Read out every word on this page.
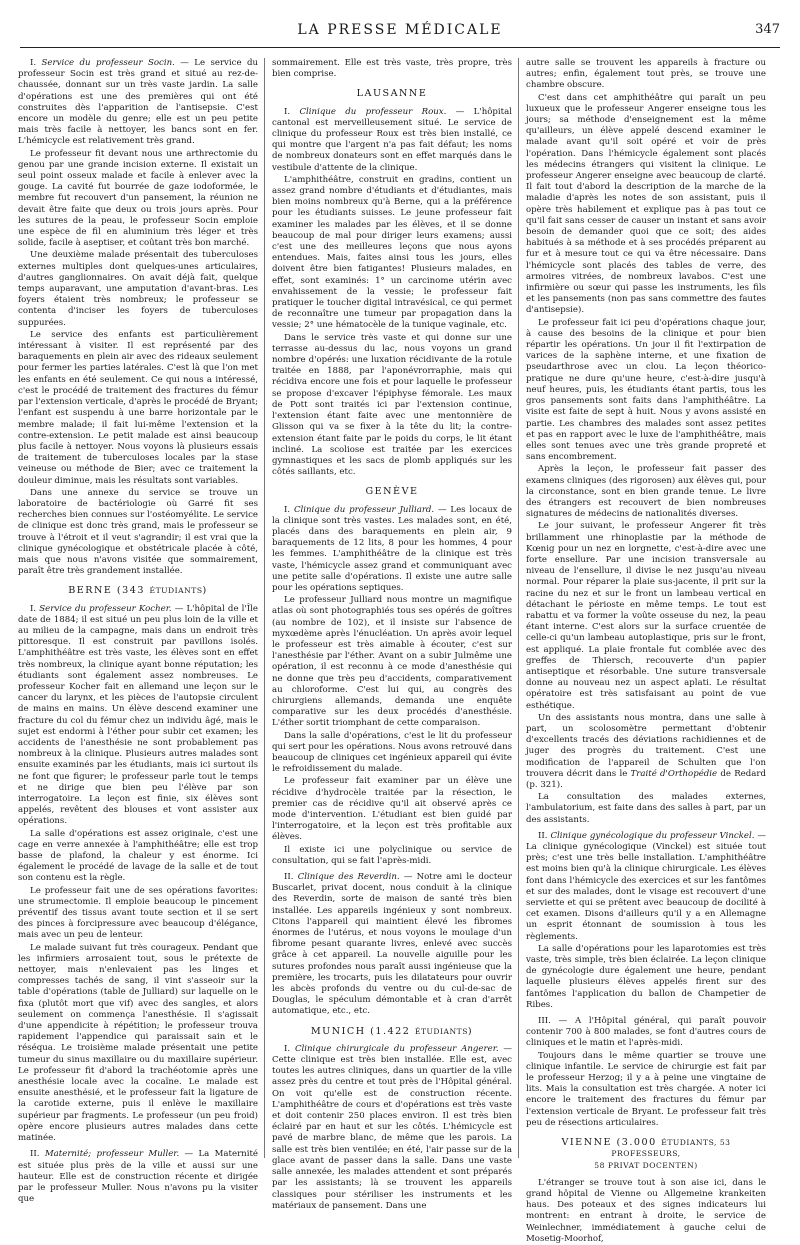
LA PRESSE MÉDICALE	347

I. Service du professeur Socin. — Le service du professeur Socin est très grand et situé au rez-de-chaussée, donnant sur un très vaste jardin. La salle d'opérations est une des premières qui ont été construites dès l'apparition de l'antisepsie. C'est encore un modèle du genre; elle est un peu petite mais très facile à nettoyer, les bancs sont en fer. L'hémicycle est relativement très grand.

Le professeur fit devant nous une arthrectomie du genou par une grande incision externe. Il existait un seul point osseux malade et facile à enlever avec la gouge. La cavité fut bourrée de gaze iodoformée, le membre fut recouvert d'un pansement, la réunion ne devait être faite que deux ou trois jours après. Pour les sutures de la peau, le professeur Socin emploie une espèce de fil en aluminium très léger et très solide, facile à aseptiser, et coûtant très bon marché.

Une deuxième malade présentait des tuberculoses externes multiples dont quelques-unes articulaires, d'autres ganglionnaires. On avait déjà fait, quelque temps auparavant, une amputation d'avant-bras. Les foyers étaient très nombreux; le professeur se contenta d'inciser les foyers de tuberculoses suppurées.

Le service des enfants est particulièrement intéressant à visiter. Il est représenté par des baraquements en plein air avec des rideaux seulement pour fermer les parties latérales. C'est là que l'on met les enfants en été seulement. Ce qui nous a intéressé, c'est le procédé de traitement des fractures du fémur par l'extension verticale, d'après le procédé de Bryant; l'enfant est suspendu à une barre horizontale par le membre malade; il fait lui-même l'extension et la contre-extension. Le petit malade est ainsi beaucoup plus facile à nettoyer. Nous voyons là plusieurs essais de traitement de tuberculoses locales par la stase veineuse ou méthode de Bier; avec ce traitement la douleur diminue, mais les résultats sont variables.

Dans une annexe du service se trouve un laboratoire de bactériologie où Garré fit ses recherches bien connues sur l'ostéomyélite. Le service de clinique est donc très grand, mais le professeur se trouve à l'étroit et il veut s'agrandir; il est vrai que la clinique gynécologique et obstétricale placée à côté, mais que nous n'avons visitée que sommairement, paraît être très grandement installée.

BERNE (343 ÉTUDIANTS)

I. Service du professeur Kocher. — L'hôpital de l'Île date de 1884; il est situé un peu plus loin de la ville et au milieu de la campagne, mais dans un endroit très pittoresque. Il est construit par pavillons isolés. L'amphithéâtre est très vaste, les élèves sont en effet très nombreux, la clinique ayant bonne réputation; les étudiants sont également assez nombreuses. Le professeur Kocher fait en allemand une leçon sur le cancer du larynx, et les pièces de l'autopsie circulent de mains en mains. Un élève descend examiner une fracture du col du fémur chez un individu âgé, mais le sujet est endormi à l'éther pour subir cet examen; les accidents de l'anesthésie ne sont probablement pas nombreux à la clinique. Plusieurs autres malades sont ensuite examinés par les étudiants, mais ici surtout ils ne font que figurer; le professeur parle tout le temps et ne dirige que bien peu l'élève par son interrogatoire. La leçon est finie, six élèves sont appelés, revêtent des blouses et vont assister aux opérations.

La salle d'opérations est assez originale, c'est une cage en verre annexée à l'amphithéâtre; elle est trop basse de plafond, la chaleur y est énorme. Ici également le procédé de lavage de la salle et de tout son contenu est la règle.

Le professeur fait une de ses opérations favorites: une strumectomie. Il emploie beaucoup le pincement préventif des tissus avant toute section et il se sert des pinces à forcipressure avec beaucoup d'élégance, mais avec un peu de lenteur.

Le malade suivant fut très courageux. Pendant que les infirmiers arrosaient tout, sous le prétexte de nettoyer, mais n'enlevaient pas les linges et compresses tachés de sang, il vint s'asseoir sur la table d'opérations (table de Julliard) sur laquelle on le fixa (plutôt mort que vif) avec des sangles, et alors seulement on commença l'anesthésie. Il s'agissait d'une appendicite à répétition; le professeur trouva rapidement l'appendice qui paraissait sain et le réséqua. Le troisième malade présentait une petite tumeur du sinus maxillaire ou du maxillaire supérieur. Le professeur fit d'abord la trachéotomie après une anesthésie locale avec la cocaïne. Le malade est ensuite anesthésié, et le professeur fait la ligature de la carotide externe, puis il enlève le maxillaire supérieur par fragments. Le professeur (un peu froid) opère encore plusieurs autres malades dans cette matinée.

II. Maternité; professeur Muller. — La Maternité est située plus près de la ville et aussi sur une hauteur. Elle est de construction récente et dirigée par le professeur Muller. Nous n'avons pu la visiter que

sommairement. Elle est très vaste, très propre, très bien comprise.

LAUSANNE

I. Clinique du professeur Roux. — L'hôpital cantonal est merveilleusement situé. Le service de clinique du professeur Roux est très bien installé, ce qui montre que l'argent n'a pas fait défaut; les noms de nombreux donateurs sont en effet marqués dans le vestibule d'attente de la clinique.

L'amphithéâtre, construit en gradins, contient un assez grand nombre d'étudiants et d'étudiantes, mais bien moins nombreux qu'à Berne, qui a la préférence pour les étudiants suisses. Le jeune professeur fait examiner les malades par les élèves, et il se donne beaucoup de mal pour diriger leurs examens; aussi c'est une des meilleures leçons que nous ayons entendues. Mais, faites ainsi tous les jours, elles doivent être bien fatigantes! Plusieurs malades, en effet, sont examinés: 1° un carcinome utérin avec envahissement de la vessie; le professeur fait pratiquer le toucher digital intravésical, ce qui permet de reconnaître une tumeur par propagation dans la vessie; 2° une hématocèle de la tunique vaginale, etc.

Dans le service très vaste et qui donne sur une terrasse au-dessus du lac, nous voyons un grand nombre d'opérés: une luxation récidivante de la rotule traitée en 1888, par l'aponévrorraphie, mais qui récidiva encore une fois et pour laquelle le professeur se propose d'excaver l'épiphyse fémorale. Les maux de Pott sont traités ici par l'extension continue, l'extension étant faite avec une mentonnière de Glisson qui va se fixer à la tête du lit; la contre-extension étant faite par le poids du corps, le lit étant incliné. La scoliose est traitée par les exercices gymnastiques et les sacs de plomb appliqués sur les côtés saillants, etc.

GENÈVE

I. Clinique du professeur Julliard. — Les locaux de la clinique sont très vastes. Les malades sont, en été, placés dans des baraquements en plein air, 9 baraquements de 12 lits, 8 pour les hommes, 4 pour les femmes. L'amphithéâtre de la clinique est très vaste, l'hémicycle assez grand et communiquant avec une petite salle d'opérations. Il existe une autre salle pour les opérations septiques.

Le professeur Julliard nous montre un magnifique atlas où sont photographiés tous ses opérés de goîtres (au nombre de 102), et il insiste sur l'absence de myxœdème après l'énucléation. Un après avoir lequel le professeur est très aimable à écouter, c'est sur l'anesthésie par l'éther. Avant on a subir Julmême une opération, il est reconnu à ce mode d'anesthésie qui ne donne que très peu d'accidents, comparativement au chloroforme. C'est lui qui, au congrès des chirurgiens allemands, demanda une enquête comparative sur les deux procédés d'anesthésie. L'éther sortit triomphant de cette comparaison.

Dans la salle d'opérations, c'est le lit du professeur qui sert pour les opérations. Nous avons retrouvé dans beaucoup de cliniques cet ingénieux appareil qui évite le refroidissement du malade.

Le professeur fait examiner par un élève une récidive d'hydrocèle traitée par la résection, le premier cas de récidive qu'il ait observé après ce mode d'intervention. L'étudiant est bien guidé par l'interrogatoire, et la leçon est très profitable aux élèves.

Il existe ici une polyclinique ou service de consultation, qui se fait l'après-midi.

II. Clinique des Reverdin. — Notre ami le docteur Buscarlet, privat docent, nous conduit à la clinique des Reverdin, sorte de maison de santé très bien installée. Les appareils ingénieux y sont nombreux. Citons l'appareil qui maintient élevé les fibromes énormes de l'utérus, et nous voyons le moulage d'un fibrome pesant quarante livres, enlevé avec succès grâce à cet appareil. La nouvelle aiguille pour les sutures profondes nous paraît aussi ingénieuse que la première, les trocarts, puis les dilatateurs pour ouvrir les abcès profonds du ventre ou du cul-de-sac de Douglas, le spéculum démontable et à cran d'arrêt automatique, etc., etc.

MUNICH (1.422 ÉTUDIANTS)

I. Clinique chirurgicale du professeur Angerer. — Cette clinique est très bien installée. Elle est, avec toutes les autres cliniques, dans un quartier de la ville assez près du centre et tout près de l'Hôpital général. On voit qu'elle est de construction récente. L'amphithéâtre de cours et d'opérations est très vaste et doit contenir 250 places environ. Il est très bien éclairé par en haut et sur les côtés. L'hémicycle est pavé de marbre blanc, de même que les parois. La salle est très bien ventilée; en été, l'air passe sur de la glace avant de passer dans la salle. Dans une vaste salle annexée, les malades attendent et sont préparés par les assistants; là se trouvent les appareils classiques pour stériliser les instruments et les matériaux de pansement. Dans une

autre salle se trouvent les appareils à fracture ou autres; enfin, également tout près, se trouve une chambre obscure.

C'est dans cet amphithéâtre qui paraît un peu luxueux que le professeur Angerer enseigne tous les jours; sa méthode d'enseignement est la même qu'ailleurs, un élève appelé descend examiner le malade avant qu'il soit opéré et voir de près l'opération. Dans l'hémicycle également sont placés les médecins étrangers qui visitent la clinique. Le professeur Angerer enseigne avec beaucoup de clarté. Il fait tout d'abord la description de la marche de la maladie d'après les notes de son assistant, puis il opère très habilement et explique pas à pas tout ce qu'il fait sans cesser de causer un instant et sans avoir besoin de demander quoi que ce soit; des aides habitués à sa méthode et à ses procédés préparent au fur et à mesure tout ce qui va être nécessaire. Dans l'hémicycle sont placés des tables de verre, des armoires vitrées, de nombreux lavabos. C'est une infirmière ou sœur qui passe les instruments, les fils et les pansements (non pas sans commettre des fautes d'antisepsie).

Le professeur fait ici peu d'opérations chaque jour, à cause des besoins de la clinique et pour bien répartir les opérations. Un jour il fit l'extirpation de varices de la saphène interne, et une fixation de pseudarthrose avec un clou. La leçon théorico-pratique ne dure qu'une heure, c'est-à-dire jusqu'à neuf heures, puis, les étudiants étant partis, tous les gros pansements sont faits dans l'amphithéâtre. La visite est faite de sept à huit. Nous y avons assisté en partie. Les chambres des malades sont assez petites et pas en rapport avec le luxe de l'amphithéâtre, mais elles sont tenues avec une très grande propreté et sans encombrement.

Après la leçon, le professeur fait passer des examens cliniques (des rigorosen) aux élèves qui, pour la circonstance, sont en bien grande tenue. Le livre des étrangers est recouvert de bien nombreuses signatures de médecins de nationalités diverses.

Le jour suivant, le professeur Angerer fit très brillamment une rhinoplastie par la méthode de Kœnig pour un nez en lorgnette, c'est-à-dire avec une forte ensellure. Par une incision transversale au niveau de l'ensellure, il divise le nez jusqu'au niveau normal. Pour réparer la plaie sus-jacente, il prit sur la racine du nez et sur le front un lambeau vertical en détachant le périoste en même temps. Le tout est rabattu et va former la voûte osseuse du nez, la peau étant interne. C'est alors sur la surface cruentée de celle-ci qu'un lambeau autoplastique, pris sur le front, est appliqué. La plaie frontale fut comblée avec des greffes de Thiersch, recouverte d'un papier antiseptique et résorbable. Une suture transversale donne au nouveau nez un aspect aplati. Le résultat opératoire est très satisfaisant au point de vue esthétique.

Un des assistants nous montra, dans une salle à part, un scolosomètre permettant d'obtenir d'excellents tracés des déviations rachidiennes et de juger des progrès du traitement. C'est une modification de l'appareil de Schulten que l'on trouvera décrit dans le Traité d'Orthopédie de Redard (p. 321).

La consultation des malades externes, l'ambulatorium, est faite dans des salles à part, par un des assistants.

II. Clinique gynécologique du professeur Vinckel. — La clinique gynécologique (Vinckel) est située tout près; c'est une très belle installation. L'amphithéâtre est moins bien qu'à la clinique chirurgicale. Les élèves font dans l'hémicycle des exercices et sur les fantômes et sur des malades, dont le visage est recouvert d'une serviette et qui se prêtent avec beaucoup de docilité à cet examen. Disons d'ailleurs qu'il y a en Allemagne un esprit étonnant de soumission à tous les règlements.

La salle d'opérations pour les laparotomies est très vaste, très simple, très bien éclairée. La leçon clinique de gynécologie dure également une heure, pendant laquelle plusieurs élèves appelés firent sur des fantômes l'application du ballon de Champetier de Ribes.

III. — A l'Hôpital général, qui paraît pouvoir contenir 700 à 800 malades, se font d'autres cours de cliniques et le matin et l'après-midi.

Toujours dans le même quartier se trouve une clinique infantile. Le service de chirurgie est fait par le professeur Herzog; il y a à peine une vingtaine de lits. Mais la consultation est très chargée. A noter ici encore le traitement des fractures du fémur par l'extension verticale de Bryant. Le professeur fait très peu de résections articulaires.

VIENNE (3.000 ÉTUDIANTS, 53 PROFESSEURS,
58 PRIVAT DOCENTEN)

L'étranger se trouve tout à son aise ici, dans le grand hôpital de Vienne ou Allgemeine krankeiten haus. Des poteaux et des signes indicateurs lui montrent: en entrant à droite, le service de Weinlechner, immédiatement à gauche celui de Mosetig-Moorhof,
